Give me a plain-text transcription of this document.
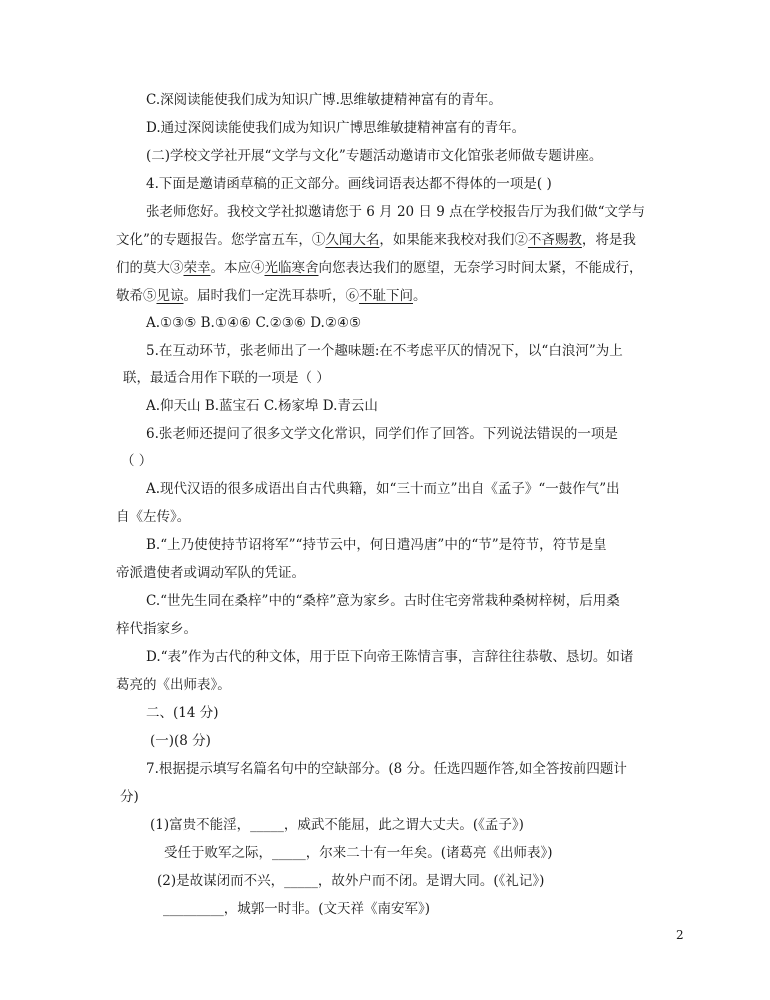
C.深阅读能使我们成为知识广博.思维敏捷精神富有的青年。
D.通过深阅读能使我们成为知识广博思维敏捷精神富有的青年。
(二)学校文学社开展“文学与文化”专题活动邀请市文化馆张老师做专题讲座。
4.下面是邀请函草稿的正文部分。画线词语表达都不得体的一项是( )
张老师您好。我校文学社拟邀请您于 6 月 20 日 9 点在学校报告厅为我们做“文学与
文化”的专题报告。您学富五车，①久闻大名，如果能来我校对我们②不吝赐教，将是我
们的莫大③荣幸。本应④光临寒舍向您表达我们的愿望，无奈学习时间太紧，不能成行，
敬希⑤见谅。届时我们一定洗耳恭听，⑥不耻下问。
A.①③⑤ B.①④⑥ C.②③⑥ D.②④⑤
5.在互动环节，张老师出了一个趣味题:在不考虑平仄的情况下，以“白浪河”为上
联，最适合用作下联的一项是（ ）
A.仰天山 B.蓝宝石 C.杨家埠 D.青云山
6.张老师还提问了很多文学文化常识，同学们作了回答。下列说法错误的一项是
（ ）
A.现代汉语的很多成语出自古代典籍，如“三十而立”出自《孟子》“一鼓作气”出
自《左传》。
B.“上乃使使持节诏将军”“持节云中，何日遣冯唐”中的“节”是符节，符节是皇
帝派遣使者或调动军队的凭证。
C.“世先生同在桑梓”中的“桑梓”意为家乡。古时住宅旁常栽种桑树梓树，后用桑
梓代指家乡。
D.“表”作为古代的种文体，用于臣下向帝王陈情言事，言辞往往恭敬、恳切。如诸
葛亮的《出师表》。
二、(14 分)
(一)(8 分)
7.根据提示填写名篇名句中的空缺部分。(8 分。任选四题作答,如全答按前四题计
分)
(1)富贵不能淫，_____，威武不能屈，此之谓大丈夫。(《孟子》)
受任于败军之际，_____，尔来二十有一年矣。(诸葛亮《出师表》)
(2)是故谋闭而不兴，_____，故外户而不闭。是谓大同。(《礼记》)
_________，城郭一时非。(文天祥《南安军》)
2
